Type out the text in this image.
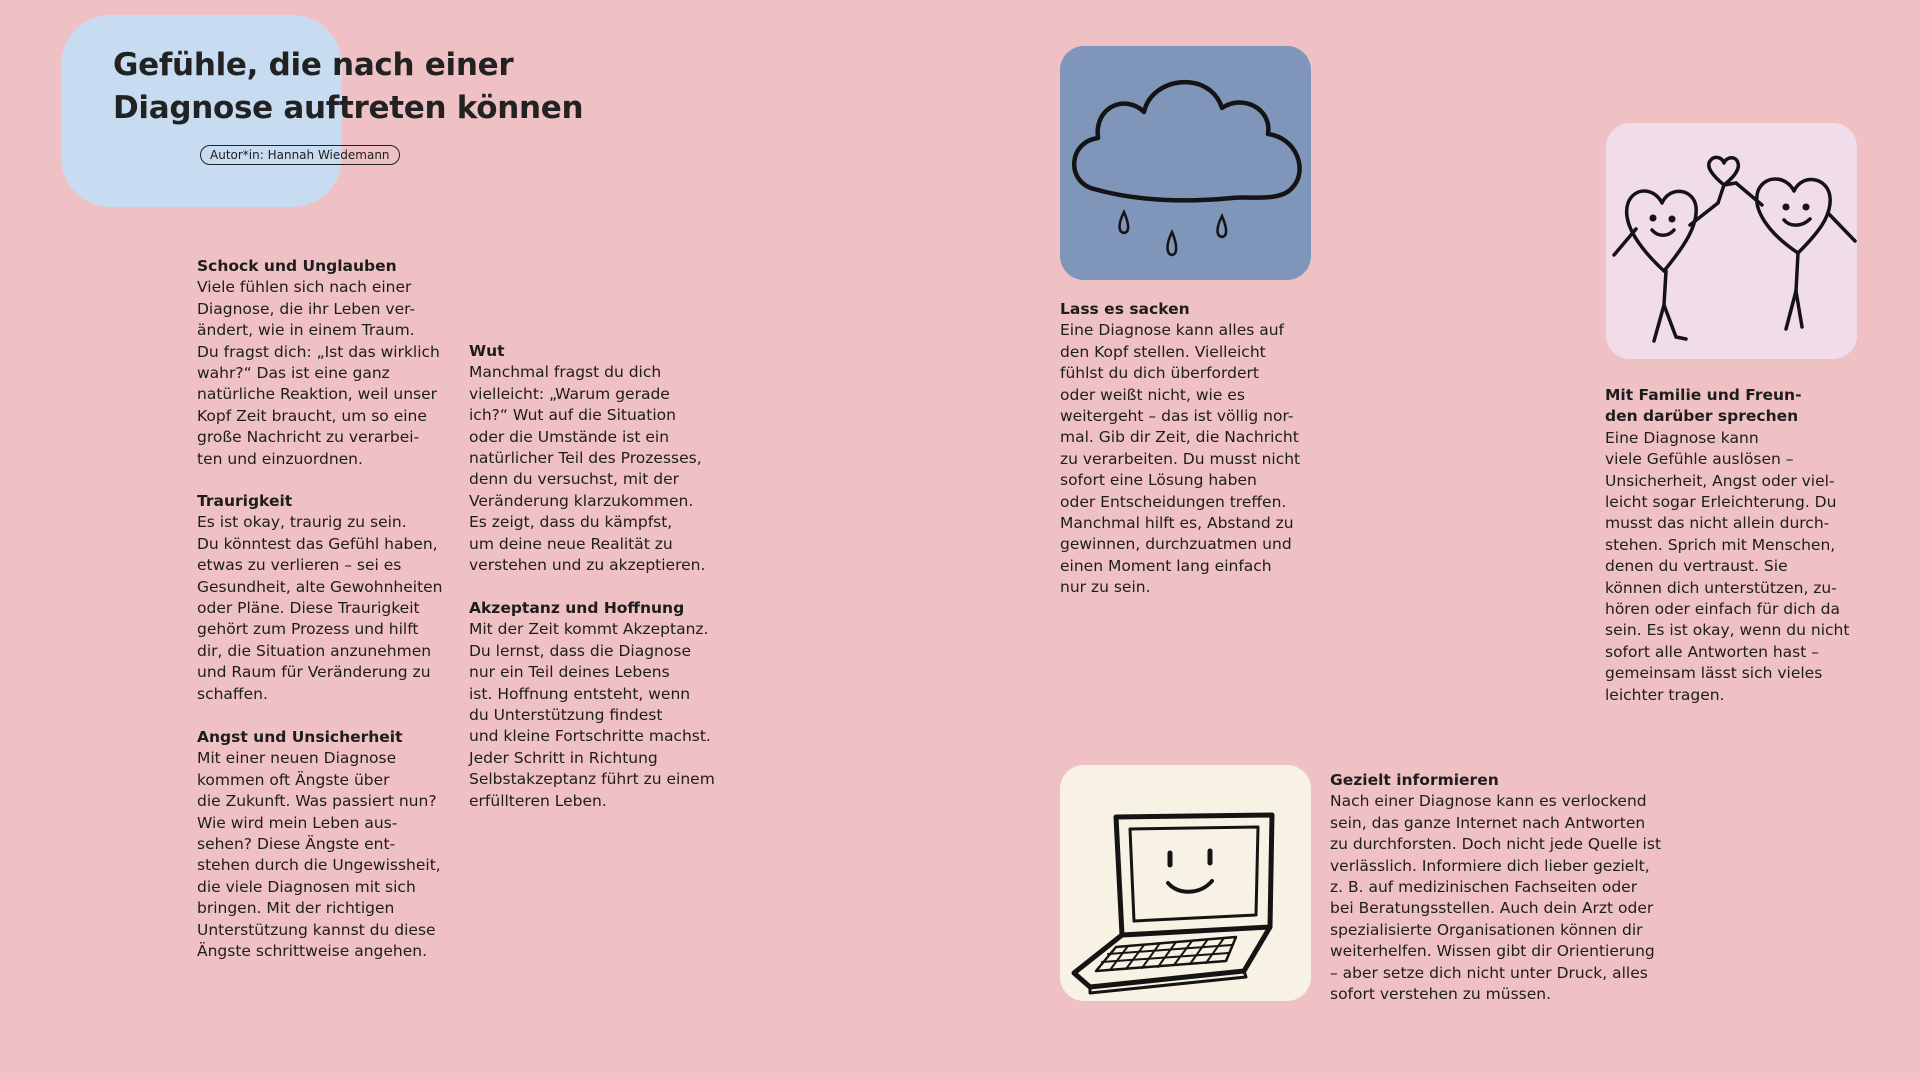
Gefühle, die nach einer
Diagnose auftreten können
Autor*in: Hannah Wiedemann
Schock und Unglauben
Viele fühlen sich nach einer
Diagnose, die ihr Leben ver-
ändert, wie in einem Traum.
Du fragst dich: „Ist das wirklich
wahr?“ Das ist eine ganz
natürliche Reaktion, weil unser
Kopf Zeit braucht, um so eine
große Nachricht zu verarbei-
ten und einzuordnen.
Traurigkeit
Es ist okay, traurig zu sein.
Du könntest das Gefühl haben,
etwas zu verlieren – sei es
Gesundheit, alte Gewohnheiten
oder Pläne. Diese Traurigkeit
gehört zum Prozess und hilft
dir, die Situation anzunehmen
und Raum für Veränderung zu
schaffen.
Angst und Unsicherheit
Mit einer neuen Diagnose
kommen oft Ängste über
die Zukunft. Was passiert nun?
Wie wird mein Leben aus-
sehen? Diese Ängste ent-
stehen durch die Ungewissheit,
die viele Diagnosen mit sich
bringen. Mit der richtigen
Unterstützung kannst du diese
Ängste schrittweise angehen.
Wut
Manchmal fragst du dich
vielleicht: „Warum gerade
ich?“ Wut auf die Situation
oder die Umstände ist ein
natürlicher Teil des Prozesses,
denn du versuchst, mit der
Veränderung klarzukommen.
Es zeigt, dass du kämpfst,
um deine neue Realität zu
verstehen und zu akzeptieren.
Akzeptanz und Hoffnung
Mit der Zeit kommt Akzeptanz.
Du lernst, dass die Diagnose
nur ein Teil deines Lebens
ist. Hoffnung entsteht, wenn
du Unterstützung findest
und kleine Fortschritte machst.
Jeder Schritt in Richtung
Selbstakzeptanz führt zu einem
erfüllteren Leben.
Lass es sacken
Eine Diagnose kann alles auf
den Kopf stellen. Vielleicht
fühlst du dich überfordert
oder weißt nicht, wie es
weitergeht – das ist völlig nor-
mal. Gib dir Zeit, die Nachricht
zu verarbeiten. Du musst nicht
sofort eine Lösung haben
oder Entscheidungen treffen.
Manchmal hilft es, Abstand zu
gewinnen, durchzuatmen und
einen Moment lang einfach
nur zu sein.
Mit Familie und Freun-
den darüber sprechen
Eine Diagnose kann
viele Gefühle auslösen –
Unsicherheit, Angst oder viel-
leicht sogar Erleichterung. Du
musst das nicht allein durch-
stehen. Sprich mit Menschen,
denen du vertraust. Sie
können dich unterstützen, zu-
hören oder einfach für dich da
sein. Es ist okay, wenn du nicht
sofort alle Antworten hast –
gemeinsam lässt sich vieles
leichter tragen.
Gezielt informieren
Nach einer Diagnose kann es verlockend
sein, das ganze Internet nach Antworten
zu durchforsten. Doch nicht jede Quelle ist
verlässlich. Informiere dich lieber gezielt,
z. B. auf medizinischen Fachseiten oder
bei Beratungsstellen. Auch dein Arzt oder
spezialisierte Organisationen können dir
weiterhelfen. Wissen gibt dir Orientierung
– aber setze dich nicht unter Druck, alles
sofort verstehen zu müssen.
